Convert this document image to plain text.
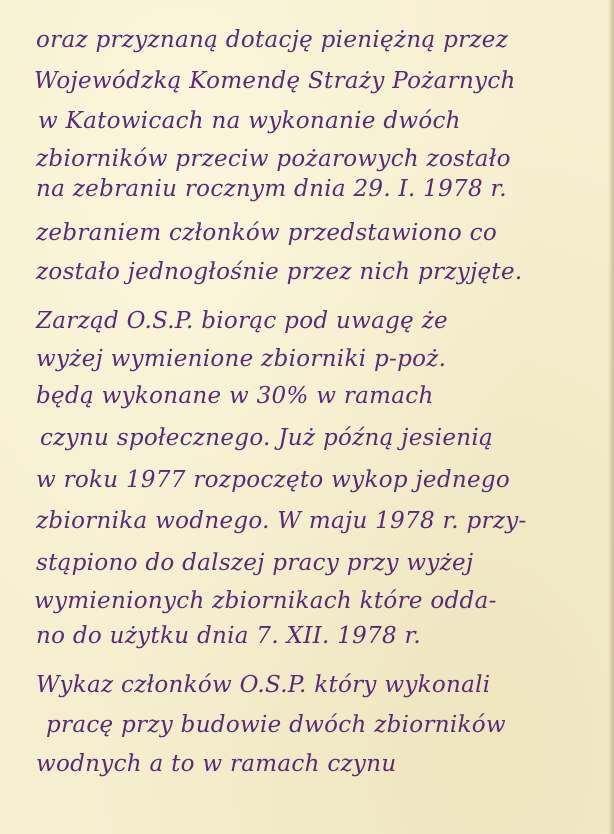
oraz przyznaną dotację pieniężną przez

Wojewódzką Komendę Straży Pożarnych

w Katowicach na wykonanie dwóch

zbiorników przeciw pożarowych zostało

na zebraniu rocznym dnia 29. I. 1978 r.

zebraniem członków przedstawiono co

zostało jednogłośnie przez nich przyjęte.

Zarząd O.S.P. biorąc pod uwagę że

wyżej wymienione zbiorniki p-poż.

będą wykonane w 30% w ramach

czynu społecznego. Już późną jesienią

w roku 1977 rozpoczęto wykop jednego

zbiornika wodnego. W maju 1978 r. przy-

stąpiono do dalszej pracy przy wyżej

wymienionych zbiornikach które odda-

no do użytku dnia 7. XII. 1978 r.

Wykaz członków O.S.P. który wykonali

pracę przy budowie dwóch zbiorników

wodnych a to w ramach czynu
